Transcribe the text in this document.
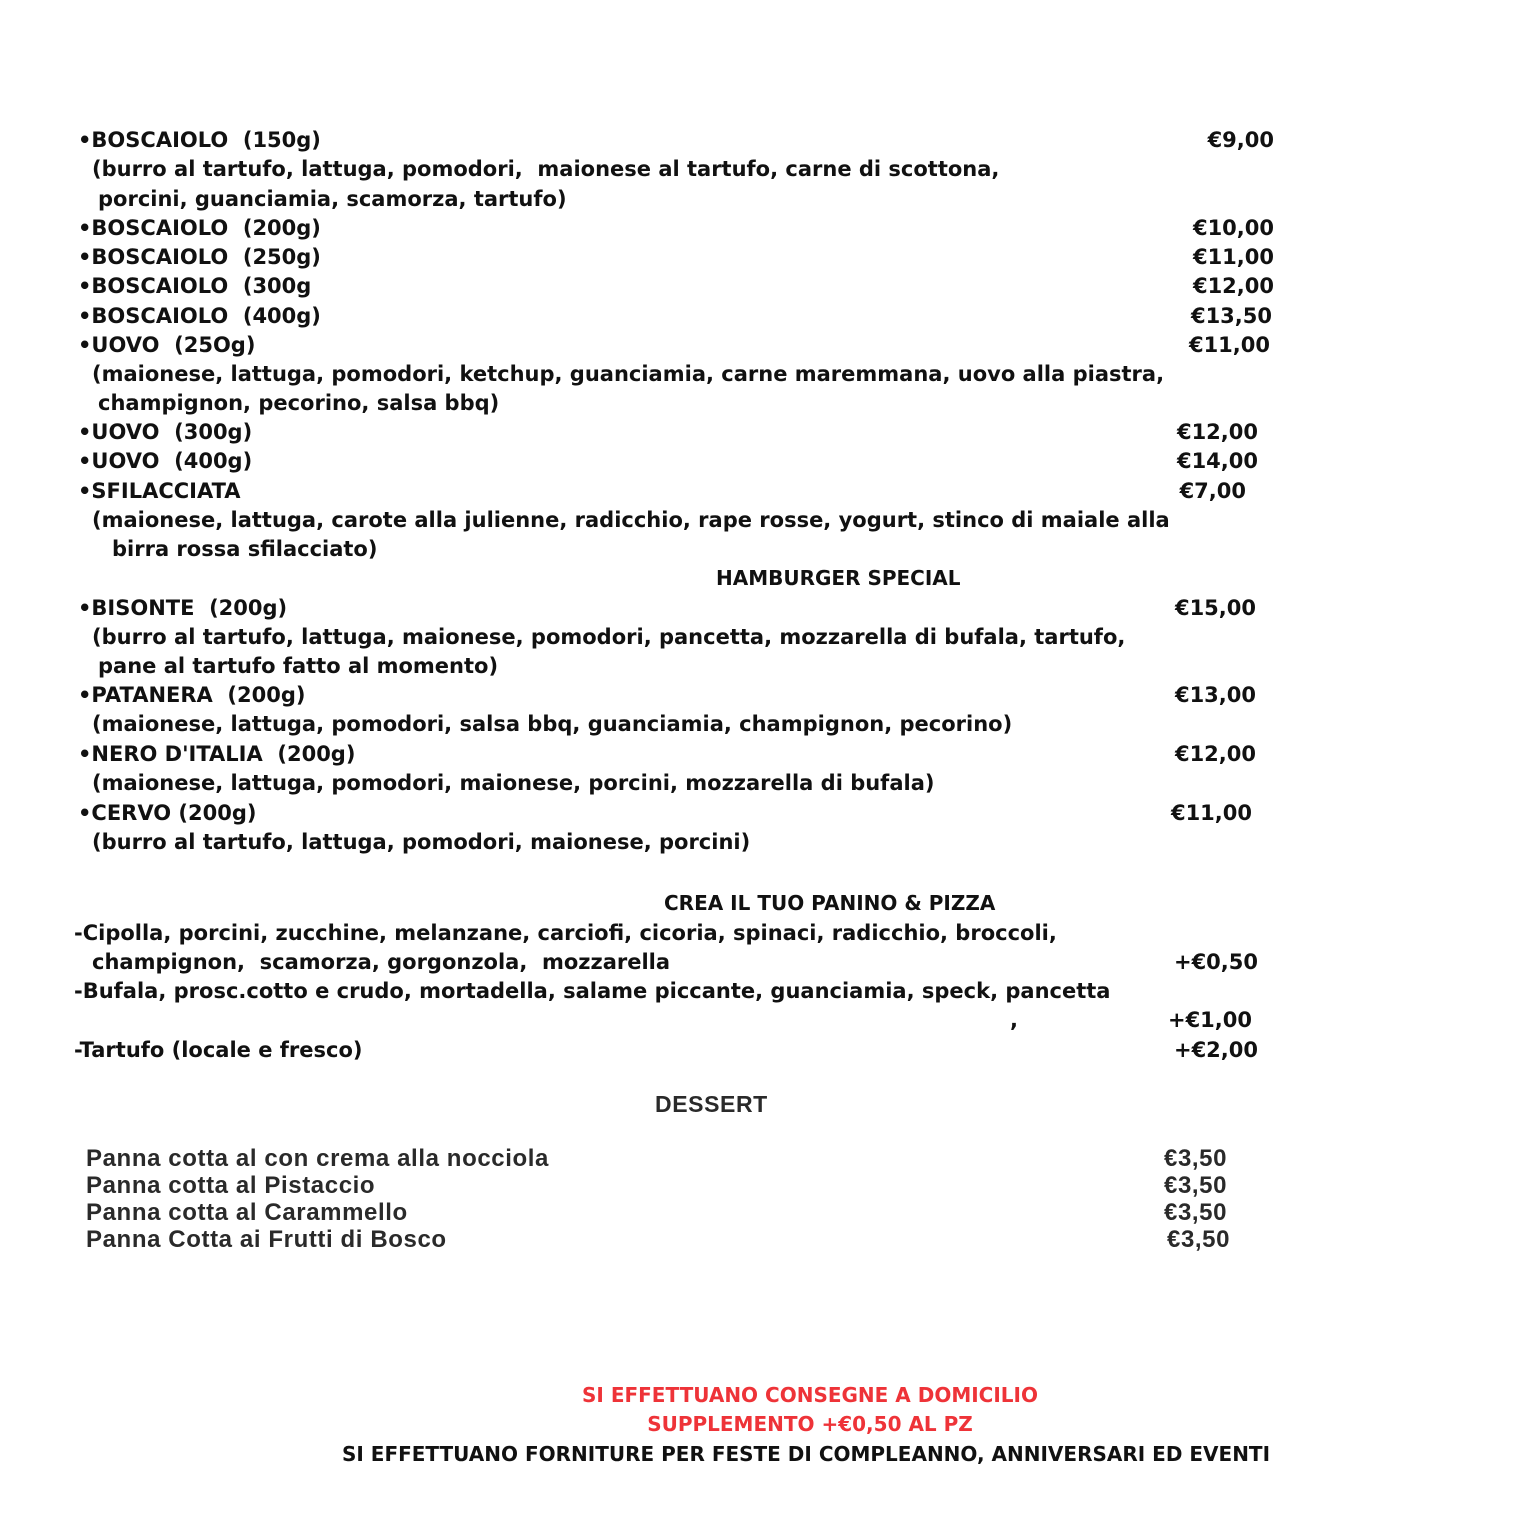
•BOSCAIOLO  (150g)	€9,00
(burro al tartufo, lattuga, pomodori,  maionese al tartufo, carne di scottona,
porcini, guanciamia, scamorza, tartufo)
•BOSCAIOLO  (200g)	€10,00
•BOSCAIOLO  (250g)	€11,00
•BOSCAIOLO  (300g	€12,00
•BOSCAIOLO  (400g)	€13,50
•UOVO  (25Og)	€11,00
(maionese, lattuga, pomodori, ketchup, guanciamia, carne maremmana, uovo alla piastra,
champignon, pecorino, salsa bbq)
•UOVO  (300g)	€12,00
•UOVO  (400g)	€14,00
•SFILACCIATA	€7,00
(maionese, lattuga, carote alla julienne, radicchio, rape rosse, yogurt, stinco di maiale alla
birra rossa sfilacciato)
HAMBURGER SPECIAL
•BISONTE  (200g)	€15,00
(burro al tartufo, lattuga, maionese, pomodori, pancetta, mozzarella di bufala, tartufo,
pane al tartufo fatto al momento)
•PATANERA  (200g)	€13,00
(maionese, lattuga, pomodori, salsa bbq, guanciamia, champignon, pecorino)
•NERO D'ITALIA  (200g)	€12,00
(maionese, lattuga, pomodori, maionese, porcini, mozzarella di bufala)
•CERVO (200g)	€11,00
(burro al tartufo, lattuga, pomodori, maionese, porcini)
CREA IL TUO PANINO & PIZZA
-Cipolla, porcini, zucchine, melanzane, carciofi, cicoria, spinaci, radicchio, broccoli,
champignon,  scamorza, gorgonzola,  mozzarella	+€0,50
-Bufala, prosc.cotto e crudo, mortadella, salame piccante, guanciamia, speck, pancetta
,	+€1,00
-Tartufo (locale e fresco)	+€2,00
DESSERT
Panna cotta al con crema alla nocciola	€3,50
Panna cotta al Pistaccio	€3,50
Panna cotta al Carammello	€3,50
Panna Cotta ai Frutti di Bosco	€3,50
SI EFFETTUANO CONSEGNE A DOMICILIO
SUPPLEMENTO +€0,50 AL PZ
SI EFFETTUANO FORNITURE PER FESTE DI COMPLEANNO, ANNIVERSARI ED EVENTI
